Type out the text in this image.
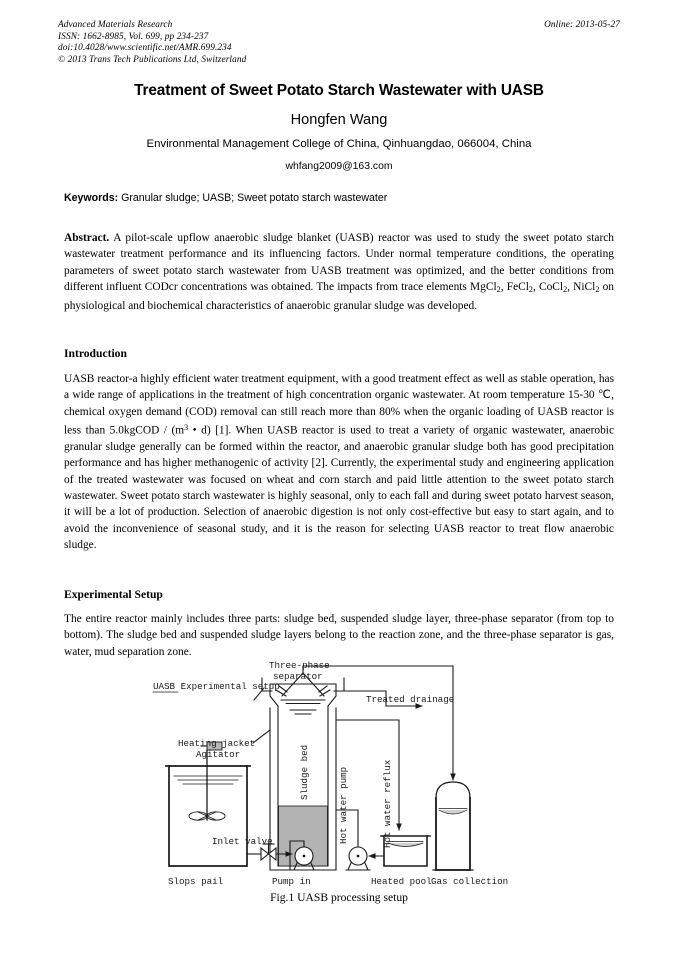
Advanced Materials Research	Online: 2013-05-27
ISSN: 1662-8985, Vol. 699, pp 234-237
doi:10.4028/www.scientific.net/AMR.699.234
© 2013 Trans Tech Publications Ltd, Switzerland
Treatment of Sweet Potato Starch Wastewater with UASB
Hongfen Wang
Environmental Management College of China, Qinhuangdao, 066004, China
whfang2009@163.com
Keywords: Granular sludge; UASB; Sweet potato starch wastewater
Abstract. A pilot-scale upflow anaerobic sludge blanket (UASB) reactor was used to study the sweet potato starch wastewater treatment performance and its influencing factors. Under normal temperature conditions, the operating parameters of sweet potato starch wastewater from UASB treatment was optimized, and the better conditions from different influent CODcr concentrations was obtained. The impacts from trace elements MgCl$_2$, FeCl$_2$, CoCl$_2$, NiCl$_2$ on physiological and biochemical characteristics of anaerobic granular sludge was developed.
Introduction
UASB reactor-a highly efficient water treatment equipment, with a good treatment effect as well as stable operation, has a wide range of applications in the treatment of high concentration organic wastewater. At room temperature 15-30 ℃, chemical oxygen demand (COD) removal can still reach more than 80% when the organic loading of UASB reactor is less than 5.0kgCOD / ($m^3$ • d) [1]. When UASB reactor is used to treat a variety of organic wastewater, anaerobic granular sludge generally can be formed within the reactor, and anaerobic granular sludge both has good precipitation performance and has higher methanogenic of activity [2]. Currently, the experimental study and engineering application of the treated wastewater was focused on wheat and corn starch and paid little attention to the sweet potato starch wastewater. Sweet potato starch wastewater is highly seasonal, only to each fall and during sweet potato harvest season, it will be a lot of production. Selection of anaerobic digestion is not only cost-effective but easy to start again, and to avoid the inconvenience of seasonal study, and it is the reason for selecting UASB reactor to treat flow anaerobic sludge.
Experimental Setup
The entire reactor mainly includes three parts: sludge bed, suspended sludge layer, three-phase separator (from top to bottom). The sludge bed and suspended sludge layers belong to the reaction zone, and the three-phase separator is gas, water, mud separation zone.
UASB Experimental setup
Three-phase
separator
Treated drainage
Heating jacket
Sludge bed
Agitator
Inlet valve
Slops pail	Pump in
Hot water pump	Hot water reflux
Heated pool Gas collection
Fig.1 UASB processing setup
